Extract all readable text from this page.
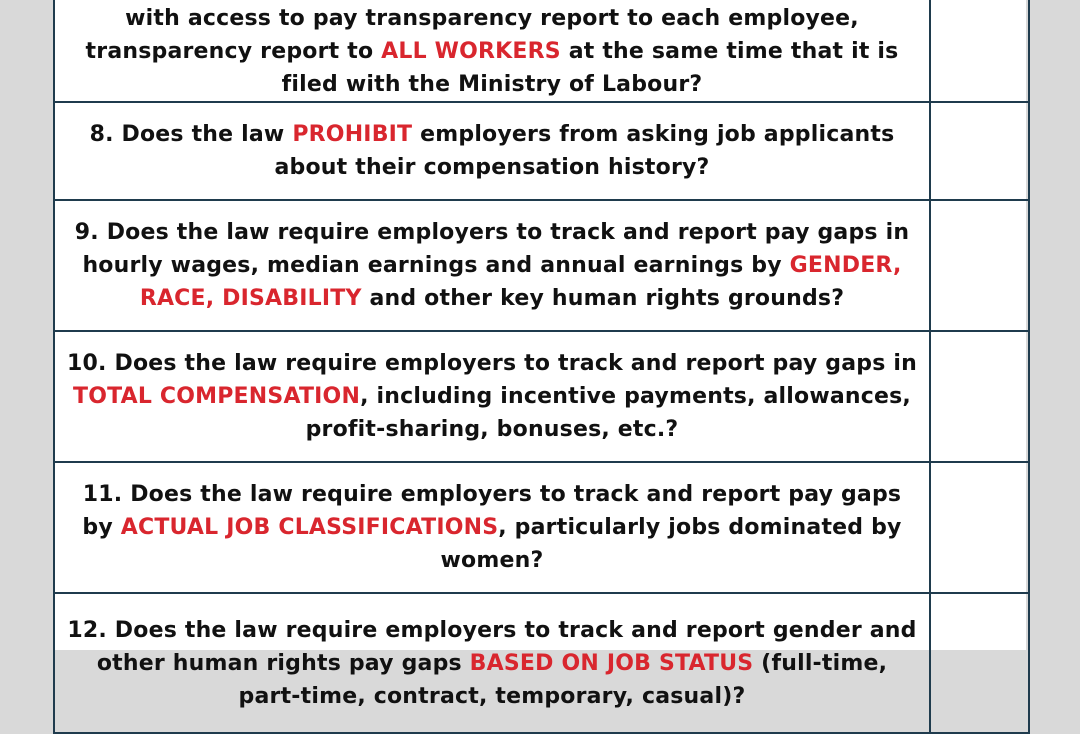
with access to pay transparency report to each employee, transparency report to ALL WORKERS at the same time that it is filed with the Ministry of Labour?	

8. Does the law PROHIBIT employers from asking job applicants about their compensation history?	

9. Does the law require employers to track and report pay gaps in hourly wages, median earnings and annual earnings by GENDER, RACE, DISABILITY and other key human rights grounds?	

10. Does the law require employers to track and report pay gaps in TOTAL COMPENSATION, including incentive payments, allowances, profit-sharing, bonuses, etc.?	

11. Does the law require employers to track and report pay gaps by ACTUAL JOB CLASSIFICATIONS, particularly jobs dominated by women?	

12. Does the law require employers to track and report gender and other human rights pay gaps BASED ON JOB STATUS (full-time, part-time, contract, temporary, casual)?	
